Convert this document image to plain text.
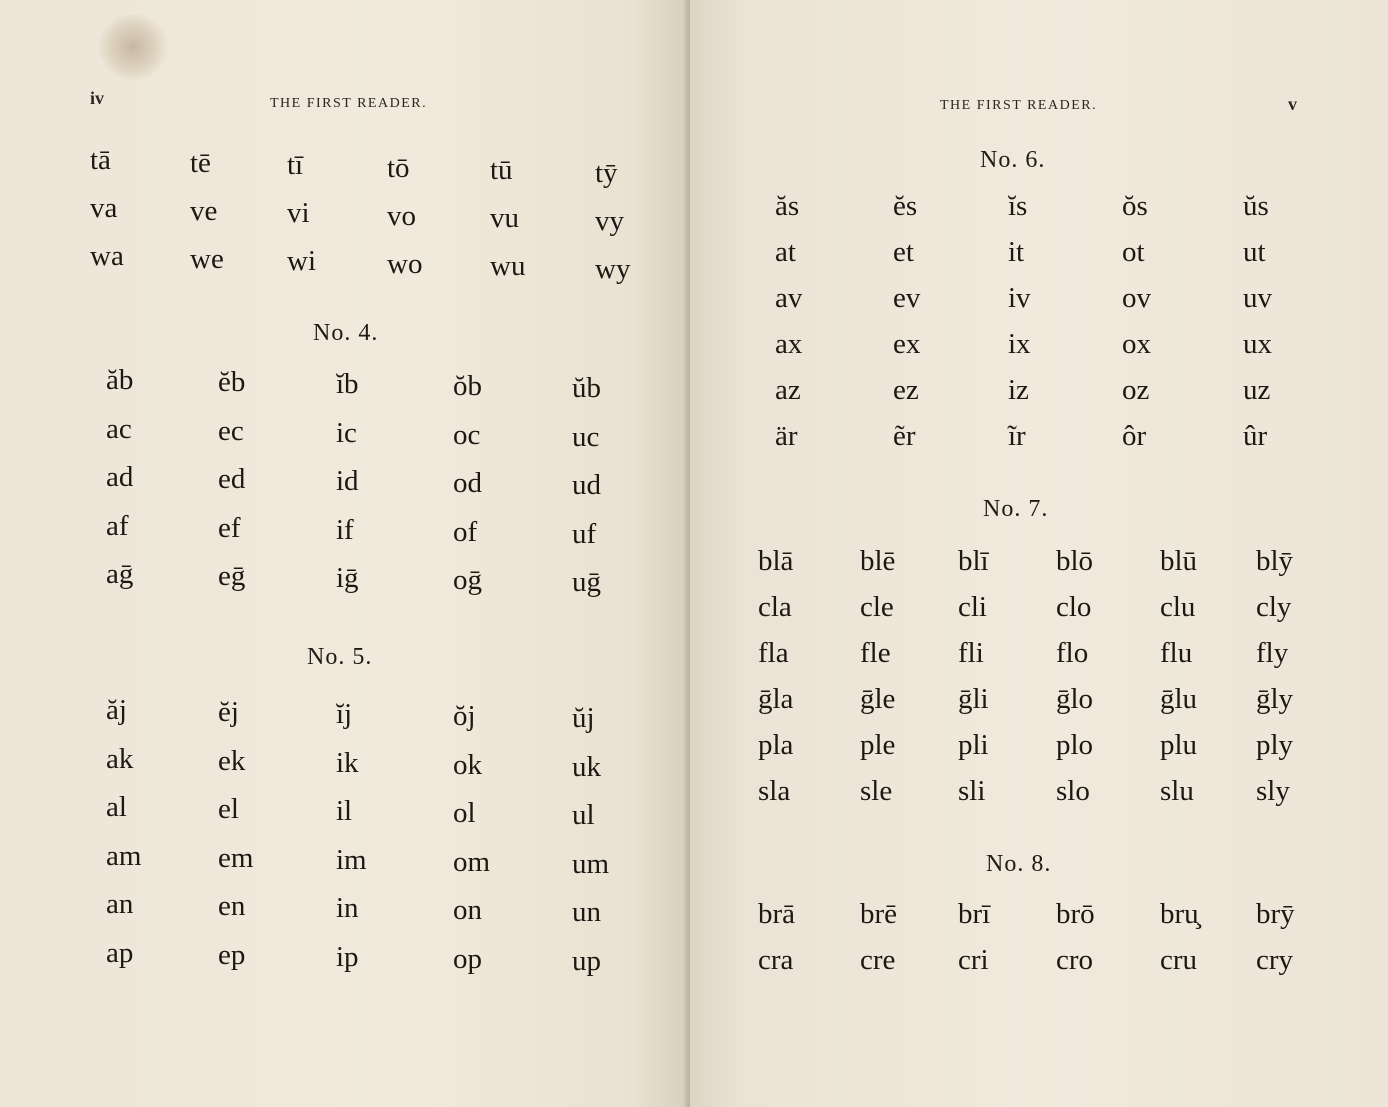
iv	THE FIRST READER.
tā	tē	tī	tō	tū	tȳ
va	ve vi	vo	vu	vy
wa we wi wo wu wy
No. 4.
ăb	ĕb	ĭb	ŏb	ŭb
ac	ec	ic	oc	uc
ad	ed	id	od	ud
af	ef	if	of	uf
aḡ	eḡ	iḡ	oḡ	uḡ
No. 5.
ăj	ĕj	ĭj	ŏj	ŭj
ak	ek	ik	ok	uk
al	el	il	ol	ul
am	em	im	om	um
an	en	in	on	un
ap	ep	ip	op	up
THE FIRST READER.	v
No. 6.
ăs	ĕs	ĭs	ŏs	ŭs
at	et	it	ot	ut
av	ev	iv	ov	uv
ax	ex	ix	ox	ux
az	ez	iz	oz	uz
är	ẽr	ĩr	ôr	ûr
No. 7.
blā blē blī blō blū blȳ
cla cle cli clo clu cly
fla fle fli flo flu fly
ḡla ḡle ḡli ḡlo ḡlu ḡly
pla ple pli plo plu ply
sla sle sli slo slu sly
No. 8.
brā brē brī brō bru̧ brȳ
cra cre cri cro cru cry
